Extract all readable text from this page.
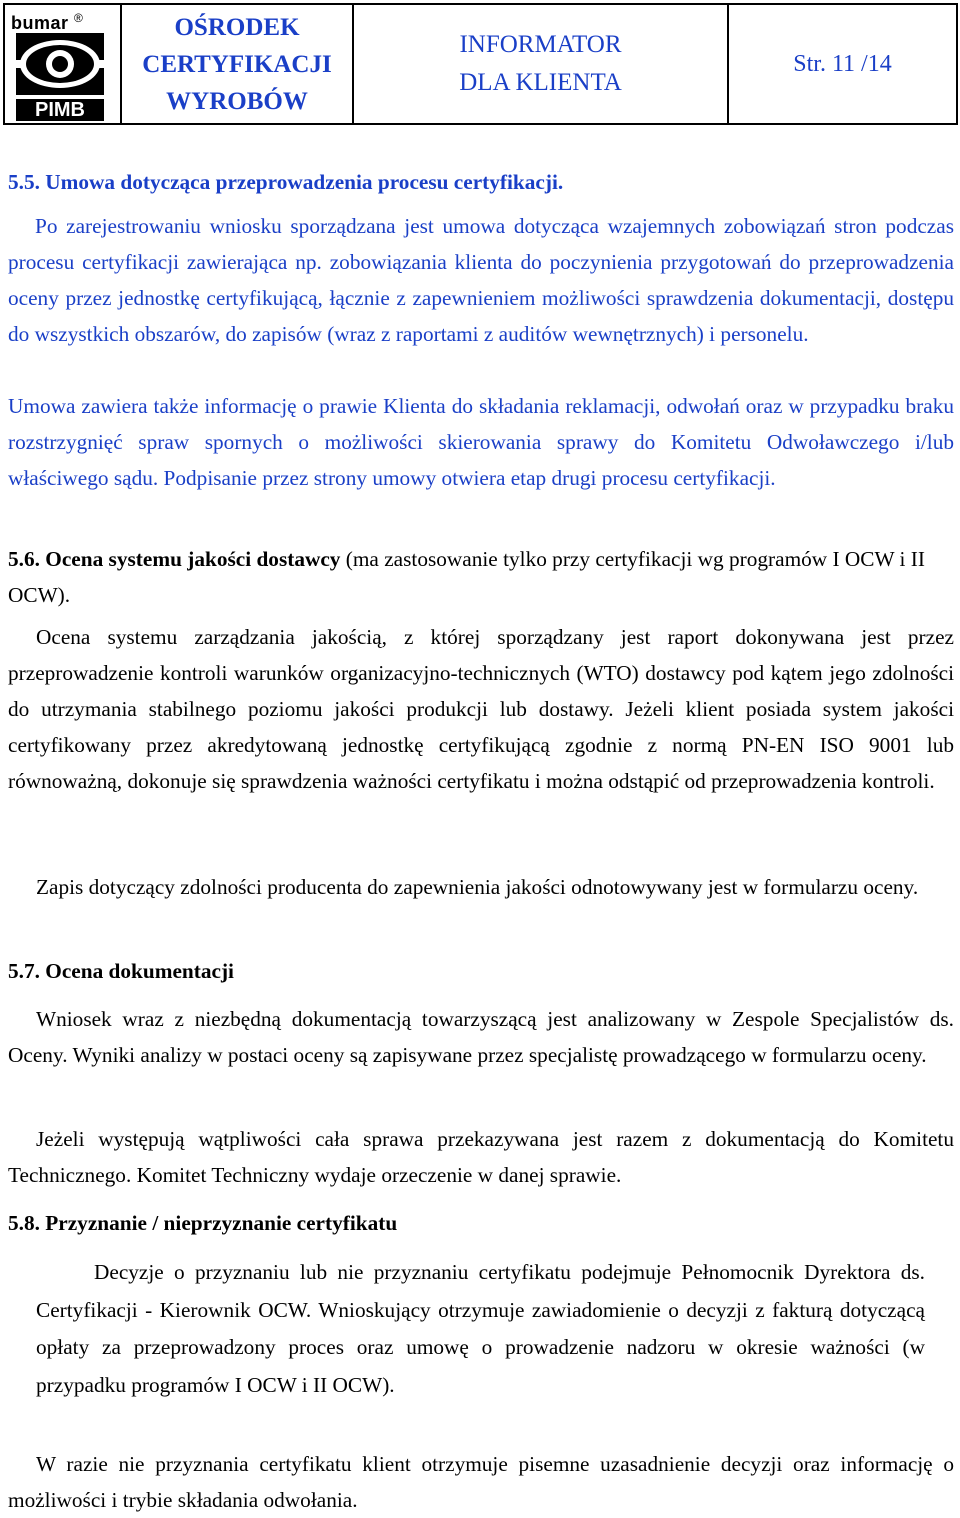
bumar ®
PIMB
OŚRODEK
CERTYFIKACJI
WYROBÓW
INFORMATOR
DLA KLIENTA
Str. 11 /14

5.5. Umowa dotycząca przeprowadzenia procesu certyfikacji.

Po zarejestrowaniu wniosku sporządzana jest umowa dotycząca wzajemnych zobowiązań stron podczas procesu certyfikacji zawierająca np. zobowiązania klienta do poczynienia przygotowań do przeprowadzenia oceny przez jednostkę certyfikującą, łącznie z zapewnieniem możliwości sprawdzenia dokumentacji, dostępu do wszystkich obszarów, do zapisów (wraz z raportami z auditów wewnętrznych) i personelu.

Umowa zawiera także informację o prawie Klienta do składania reklamacji, odwołań oraz w przypadku braku rozstrzygnięć spraw spornych o możliwości skierowania sprawy do Komitetu Odwoławczego i/lub właściwego sądu. Podpisanie przez strony umowy otwiera etap drugi procesu certyfikacji.

5.6. Ocena systemu jakości dostawcy (ma zastosowanie tylko przy certyfikacji wg programów I OCW i II OCW).

Ocena systemu zarządzania jakością, z której sporządzany jest raport dokonywana jest przez przeprowadzenie kontroli warunków organizacyjno-technicznych (WTO) dostawcy pod kątem jego zdolności do utrzymania stabilnego poziomu jakości produkcji lub dostawy. Jeżeli klient posiada system jakości certyfikowany przez akredytowaną jednostkę certyfikującą zgodnie z normą PN-EN ISO 9001 lub równoważną, dokonuje się sprawdzenia ważności certyfikatu i można odstąpić od przeprowadzenia kontroli.

Zapis dotyczący zdolności producenta do zapewnienia jakości odnotowywany jest w formularzu oceny.

5.7. Ocena dokumentacji

Wniosek wraz z niezbędną dokumentacją towarzyszącą jest analizowany w Zespole Specjalistów ds. Oceny. Wyniki analizy w postaci oceny są zapisywane przez specjalistę prowadzącego w formularzu oceny.

Jeżeli występują wątpliwości cała sprawa przekazywana jest razem z dokumentacją do Komitetu Technicznego. Komitet Techniczny wydaje orzeczenie w danej sprawie.

5.8. Przyznanie / nieprzyznanie certyfikatu

Decyzje o przyznaniu lub nie przyznaniu certyfikatu podejmuje Pełnomocnik Dyrektora ds. Certyfikacji - Kierownik OCW. Wnioskujący otrzymuje zawiadomienie o decyzji z fakturą dotyczącą opłaty za przeprowadzony proces oraz umowę o prowadzenie nadzoru w okresie ważności (w przypadku programów I OCW i II OCW).

W razie nie przyznania certyfikatu klient otrzymuje pisemne uzasadnienie decyzji oraz informację o możliwości i trybie składania odwołania.
